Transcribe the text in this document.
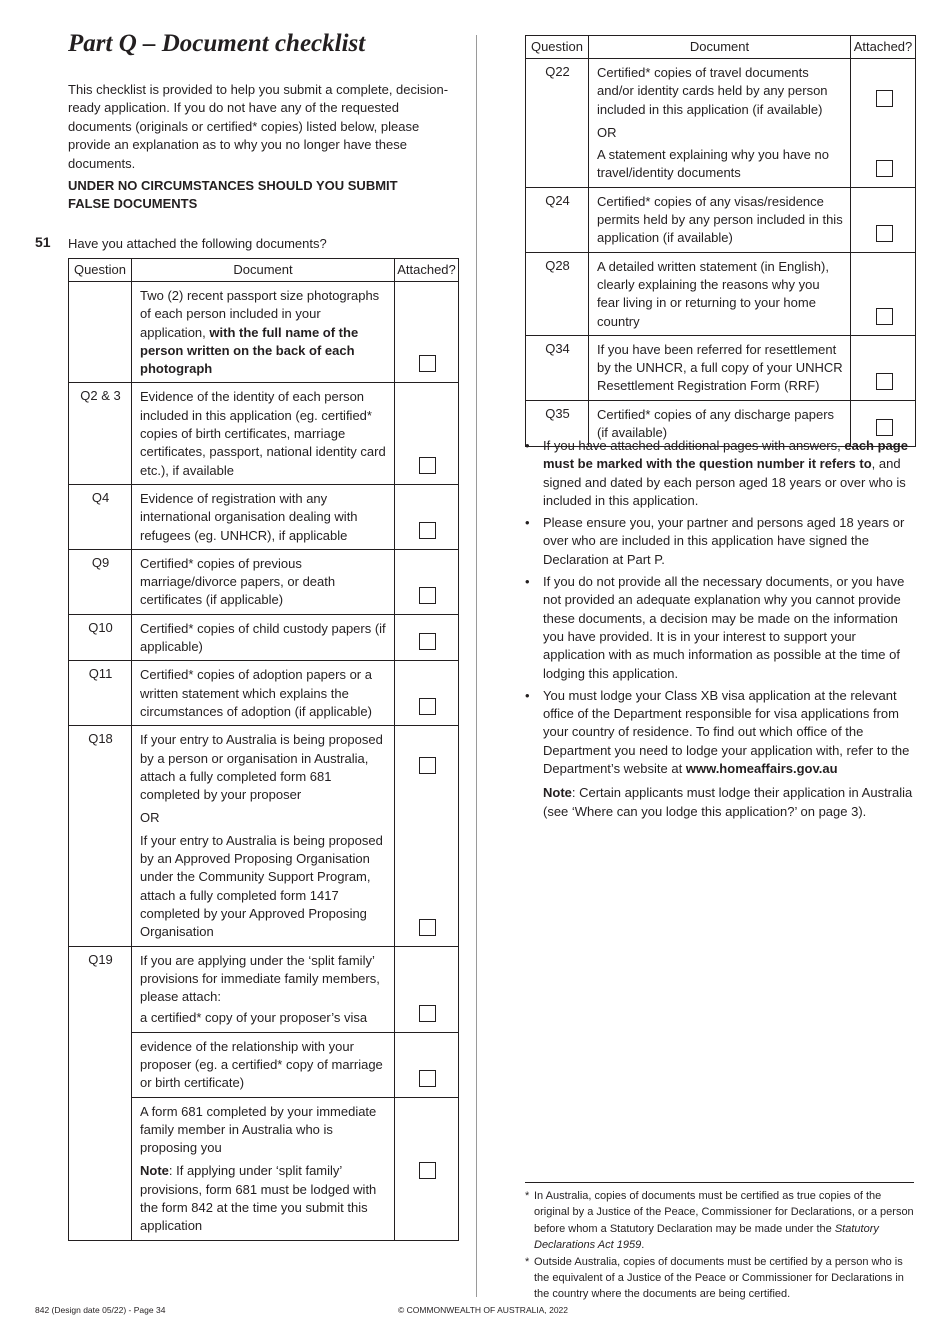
Part Q – Document checklist

This checklist is provided to help you submit a complete, decision-ready application. If you do not have any of the requested documents (originals or certified* copies) listed below, please provide an explanation as to why you no longer have these documents.

UNDER NO CIRCUMSTANCES SHOULD YOU SUBMIT FALSE DOCUMENTS

51 Have you attached the following documents?
Question	Document	Attached?
	Two (2) recent passport size photographs of each person included in your application, with the full name of the person written on the back of each photograph	

Q2 & 3	Evidence of the identity of each person included in this application (eg. certified* copies of birth certificates, marriage certificates, passport, national identity card etc.), if available	

Q4	Evidence of registration with any international organisation dealing with refugees (eg. UNHCR), if applicable	

Q9	Certified* copies of previous marriage/divorce papers, or death certificates (if applicable)	

Q10	Certified* copies of child custody papers (if applicable)	

Q11	Certified* copies of adoption papers or a written statement which explains the circumstances of adoption (if applicable)	

Q18	If your entry to Australia is being proposed by a person or organisation in Australia, attach a fully completed form 681 completed by your proposer
OR
If your entry to Australia is being proposed by an Approved Proposing Organisation under the Community Support Program, attach a fully completed form 1417 completed by your Approved Proposing Organisation	

Q19	If you are applying under the ‘split family’ provisions for immediate family members, please attach:
a certified* copy of your proposer’s visa	

	evidence of the relationship with your proposer (eg. a certified* copy of marriage or birth certificate)	

	A form 681 completed by your immediate family member in Australia who is proposing you
Note: If applying under ‘split family’ provisions, form 681 must be lodged with the form 842 at the time you submit this application	

Question	Document	Attached?
Q22	Certified* copies of travel documents and/or identity cards held by any person included in this application (if available)
OR
A statement explaining why you have no travel/identity documents	

Q24	Certified* copies of any visas/residence permits held by any person included in this application (if available)	

Q28	A detailed written statement (in English), clearly explaining the reasons why you fear living in or returning to your home country	

Q34	If you have been referred for resettlement by the UNHCR, a full copy of your UNHCR Resettlement Registration Form (RRF)	

Q35	Certified* copies of any discharge papers (if available)	
• If you have attached additional pages with answers, each page must be marked with the question number it refers to, and signed and dated by each person aged 18 years or over who is included in this application.
• Please ensure you, your partner and persons aged 18 years or over who are included in this application have signed the Declaration at Part P.
• If you do not provide all the necessary documents, or you have not provided an adequate explanation why you cannot provide these documents, a decision may be made on the information you have provided. It is in your interest to support your application with as much information as possible at the time of lodging this application.
• You must lodge your Class XB visa application at the relevant office of the Department responsible for visa applications from your country of residence. To find out which office of the Department you need to lodge your application with, refer to the Department’s website at www.homeaffairs.gov.au
Note: Certain applicants must lodge their application in Australia (see ‘Where can you lodge this application?’ on page 3).
* In Australia, copies of documents must be certified as true copies of the original by a Justice of the Peace, Commissioner for Declarations, or a person before whom a Statutory Declaration may be made under the Statutory Declarations Act 1959.
* Outside Australia, copies of documents must be certified by a person who is the equivalent of a Justice of the Peace or Commissioner for Declarations in the country where the documents are being certified.
842 (Design date 05/22) - Page 34	© COMMONWEALTH OF AUSTRALIA, 2022
